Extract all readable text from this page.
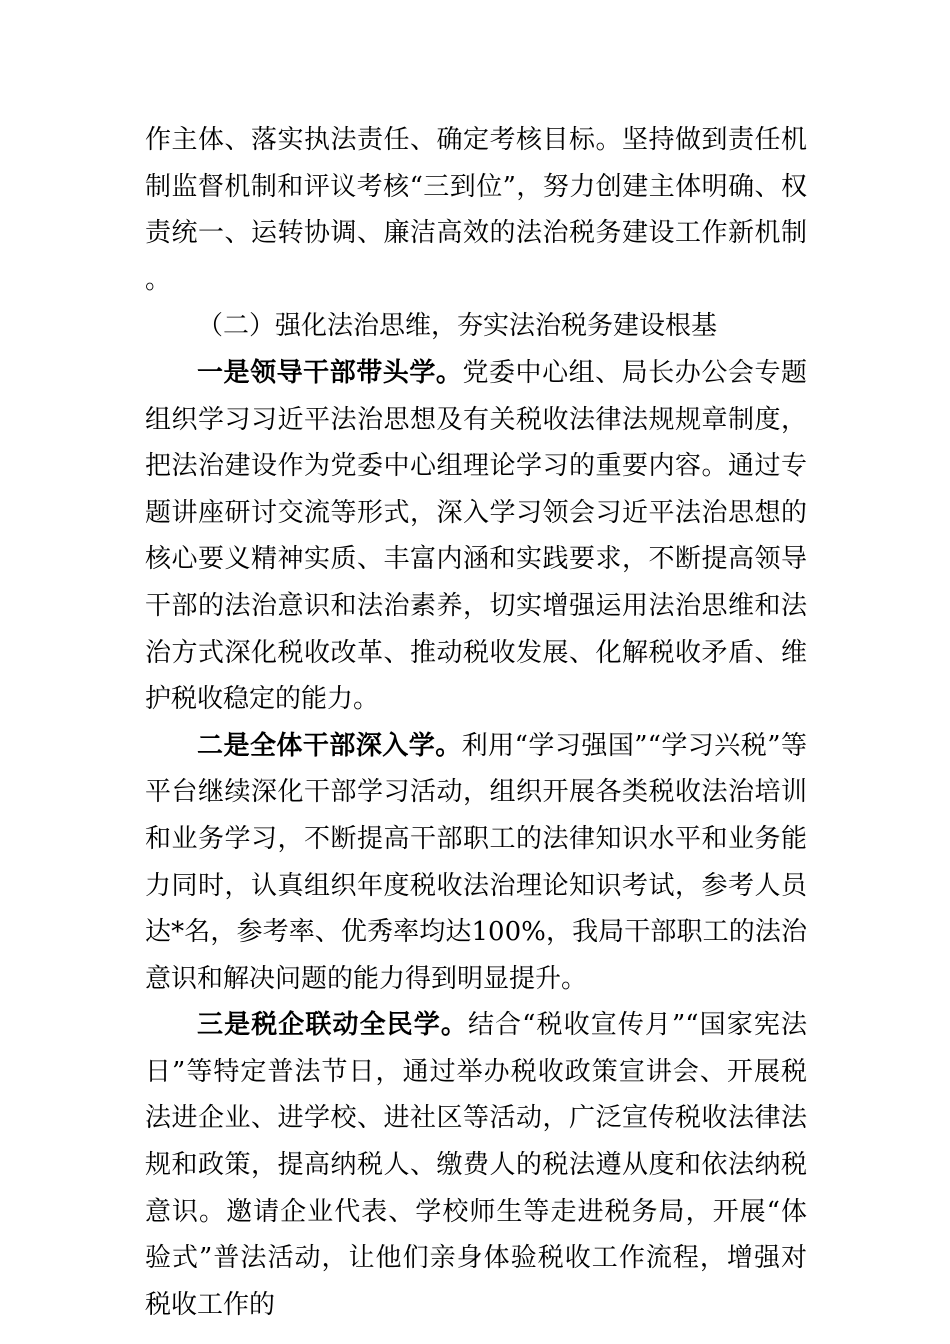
作主体、落实执法责任、确定考核目标。坚持做到责任机制监督机制和评议考核“三到位”，努力创建主体明确、权责统一、运转协调、廉洁高效的法治税务建设工作新机制。

（二）强化法治思维，夯实法治税务建设根基

一是领导干部带头学。党委中心组、局长办公会专题组织学习习近平法治思想及有关税收法律法规规章制度，把法治建设作为党委中心组理论学习的重要内容。通过专题讲座研讨交流等形式，深入学习领会习近平法治思想的核心要义精神实质、丰富内涵和实践要求，不断提高领导干部的法治意识和法治素养，切实增强运用法治思维和法治方式深化税收改革、推动税收发展、化解税收矛盾、维护税收稳定的能力。

二是全体干部深入学。利用“学习强国”“学习兴税”等平台继续深化干部学习活动，组织开展各类税收法治培训和业务学习，不断提高干部职工的法律知识水平和业务能力同时，认真组织年度税收法治理论知识考试，参考人员达*名，参考率、优秀率均达100%，我局干部职工的法治意识和解决问题的能力得到明显提升。

三是税企联动全民学。结合“税收宣传月”“国家宪法日”等特定普法节日，通过举办税收政策宣讲会、开展税法进企业、进学校、进社区等活动，广泛宣传税收法律法规和政策，提高纳税人、缴费人的税法遵从度和依法纳税意识。邀请企业代表、学校师生等走进税务局，开展“体验式”普法活动，让他们亲身体验税收工作流程，增强对税收工作的
